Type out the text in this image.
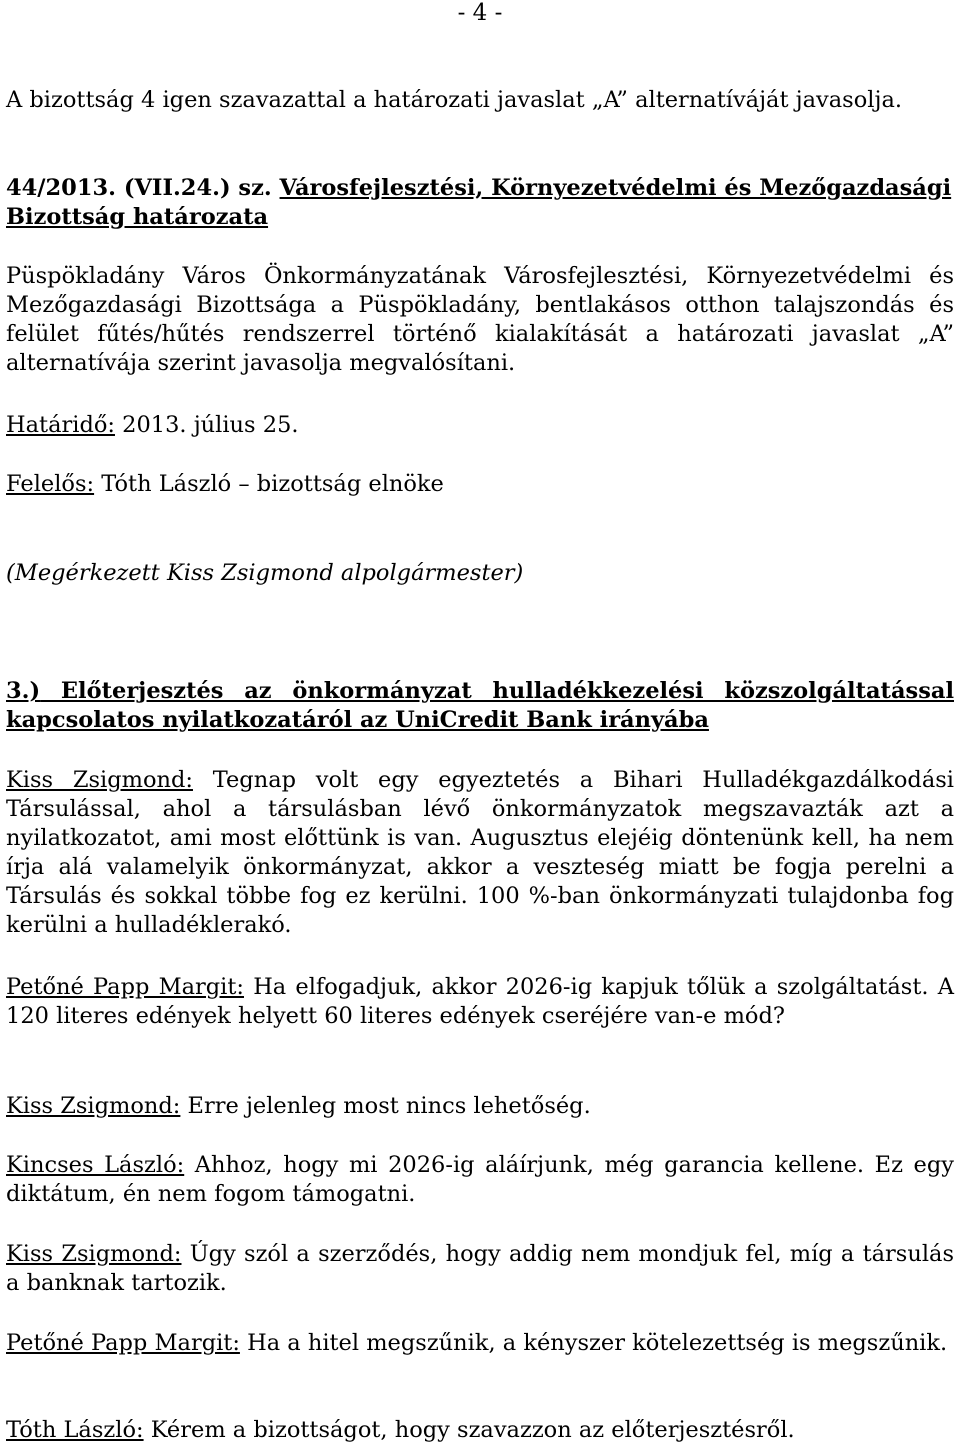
- 4 -

A bizottság 4 igen szavazattal a határozati javaslat „A” alternatíváját javasolja.

44/2013. (VII.24.) sz. Városfejlesztési, Környezetvédelmi és Mezőgazdasági Bizottság határozata

Püspökladány Város Önkormányzatának Városfejlesztési, Környezetvédelmi és Mezőgazdasági Bizottsága a Püspökladány, bentlakásos otthon talajszondás és felület fűtés/hűtés rendszerrel történő kialakítását a határozati javaslat „A” alternatívája szerint javasolja megvalósítani.

Határidő: 2013. július 25.

Felelős: Tóth László – bizottság elnöke

(Megérkezett Kiss Zsigmond alpolgármester)

3.) Előterjesztés az önkormányzat hulladékkezelési közszolgáltatással kapcsolatos nyilatkozatáról az UniCredit Bank irányába

Kiss Zsigmond: Tegnap volt egy egyeztetés a Bihari Hulladékgazdálkodási Társulással, ahol a társulásban lévő önkormányzatok megszavazták azt a nyilatkozatot, ami most előttünk is van. Augusztus elejéig döntenünk kell, ha nem írja alá valamelyik önkormányzat, akkor a veszteség miatt be fogja perelni a Társulás és sokkal többe fog ez kerülni. 100 %-ban önkormányzati tulajdonba fog kerülni a hulladéklerakó.

Petőné Papp Margit: Ha elfogadjuk, akkor 2026-ig kapjuk tőlük a szolgáltatást. A 120 literes edények helyett 60 literes edények cseréjére van-e mód?

Kiss Zsigmond: Erre jelenleg most nincs lehetőség.

Kincses László: Ahhoz, hogy mi 2026-ig aláírjunk, még garancia kellene. Ez egy diktátum, én nem fogom támogatni.

Kiss Zsigmond: Úgy szól a szerződés, hogy addig nem mondjuk fel, míg a társulás a banknak tartozik.

Petőné Papp Margit: Ha a hitel megszűnik, a kényszer kötelezettség is megszűnik.

Tóth László: Kérem a bizottságot, hogy szavazzon az előterjesztésről.
